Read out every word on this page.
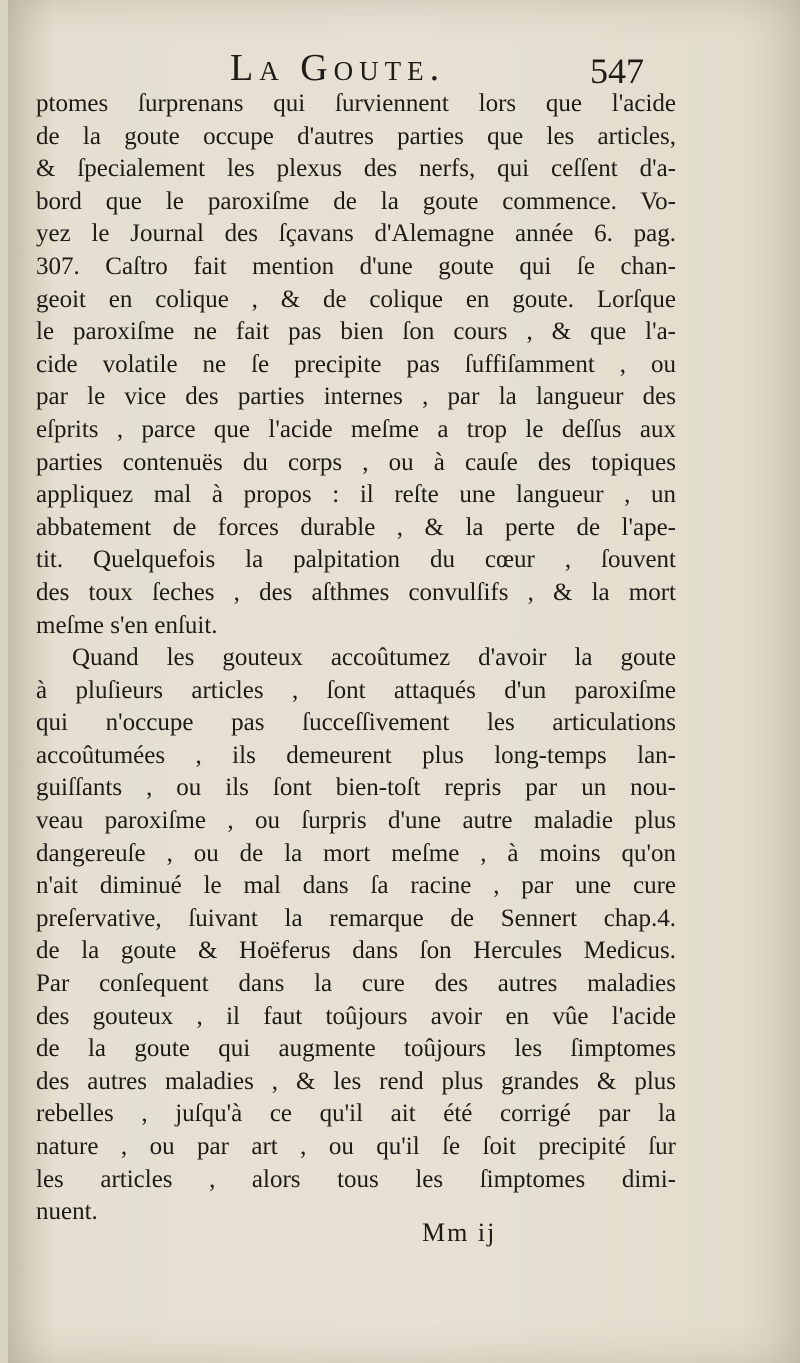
La Goute.	547
ptomes ſurprenans qui ſurviennent lors que l'acide
de la goute occupe d'autres parties que les articles,
& ſpecialement les plexus des nerfs, qui ceſſent d'a-
bord que le paroxiſme de la goute commence. Vo-
yez le Journal des ſçavans d'Alemagne année 6. pag.
307. Caſtro fait mention d'une goute qui ſe chan-
geoit en colique , & de colique en goute. Lorſque
le paroxiſme ne fait pas bien ſon cours , & que l'a-
cide volatile ne ſe precipite pas ſuffiſamment , ou
par le vice des parties internes , par la langueur des
eſprits , parce que l'acide meſme a trop le deſſus aux
parties contenuës du corps , ou à cauſe des topiques
appliquez mal à propos : il reſte une langueur , un
abbatement de forces durable , & la perte de l'ape-
tit. Quelquefois la palpitation du cœur , ſouvent
des toux ſeches , des aſthmes convulſifs , & la mort
meſme s'en enſuit.
Quand les gouteux accoûtumez d'avoir la goute
à pluſieurs articles , ſont attaqués d'un paroxiſme
qui n'occupe pas ſucceſſivement les articulations
accoûtumées , ils demeurent plus long-temps lan-
guiſſants , ou ils ſont bien-toſt repris par un nou-
veau paroxiſme , ou ſurpris d'une autre maladie plus
dangereuſe , ou de la mort meſme , à moins qu'on
n'ait diminué le mal dans ſa racine , par une cure
preſervative, ſuivant la remarque de Sennert chap.4.
de la goute & Hoëferus dans ſon Hercules Medicus.
Par conſequent dans la cure des autres maladies
des gouteux , il faut toûjours avoir en vûe l'acide
de la goute qui augmente toûjours les ſimptomes
des autres maladies , & les rend plus grandes & plus
rebelles , juſqu'à ce qu'il ait été corrigé par la
nature , ou par art , ou qu'il ſe ſoit precipité ſur
les articles , alors tous les ſimptomes dimi-
nuent.
Mm ij
